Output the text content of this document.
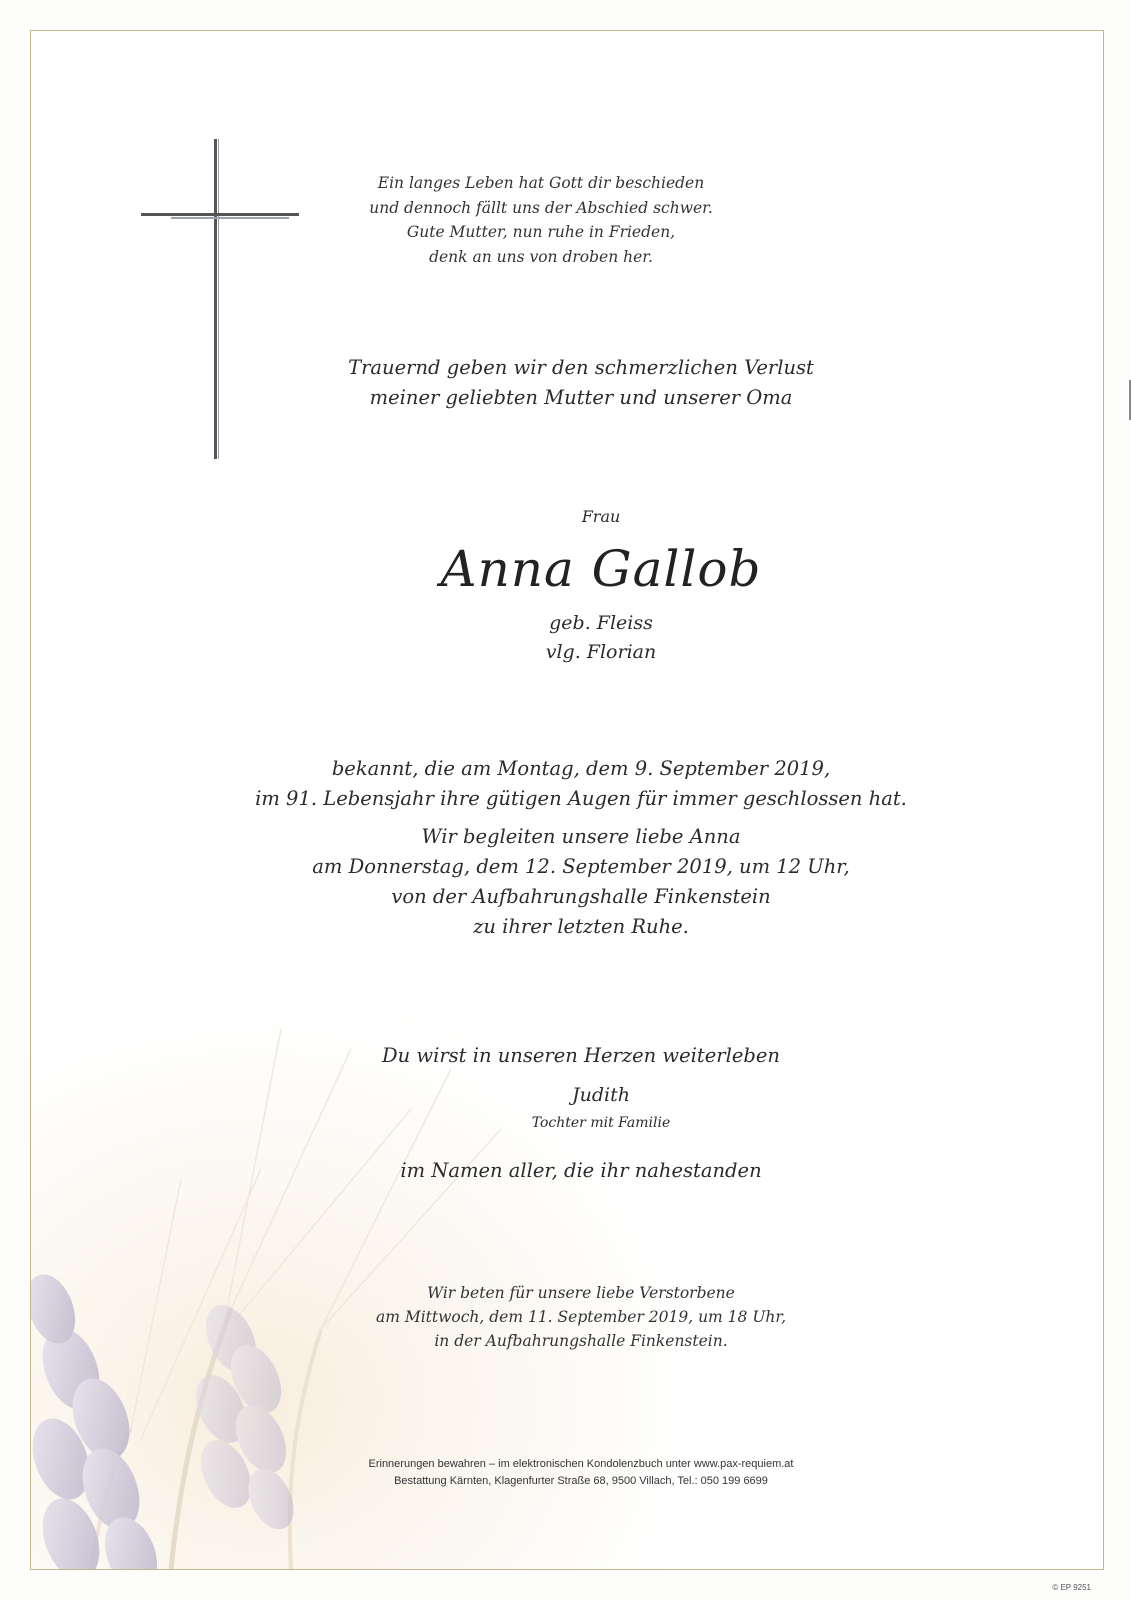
Ein langes Leben hat Gott dir beschieden
und dennoch fällt uns der Abschied schwer.
Gute Mutter, nun ruhe in Frieden,
denk an uns von droben her.
Trauernd geben wir den schmerzlichen Verlust
meiner geliebten Mutter und unserer Oma
Frau
Anna Gallob
geb. Fleiss
vlg. Florian

bekannt, die am Montag, dem 9. September 2019,
im 91. Lebensjahr ihre gütigen Augen für immer geschlossen hat.

Wir begleiten unsere liebe Anna
am Donnerstag, dem 12. September 2019, um 12 Uhr,
von der Aufbahrungshalle Finkenstein
zu ihrer letzten Ruhe.

Du wirst in unseren Herzen weiterleben
Judith
Tochter mit Familie
im Namen aller, die ihr nahestanden
Wir beten für unsere liebe Verstorbene
am Mittwoch, dem 11. September 2019, um 18 Uhr,
in der Aufbahrungshalle Finkenstein.
Erinnerungen bewahren – im elektronischen Kondolenzbuch unter www.pax-requiem.at
Bestattung Kärnten, Klagenfurter Straße 68, 9500 Villach, Tel.: 050 199 6699
© EP 9251
